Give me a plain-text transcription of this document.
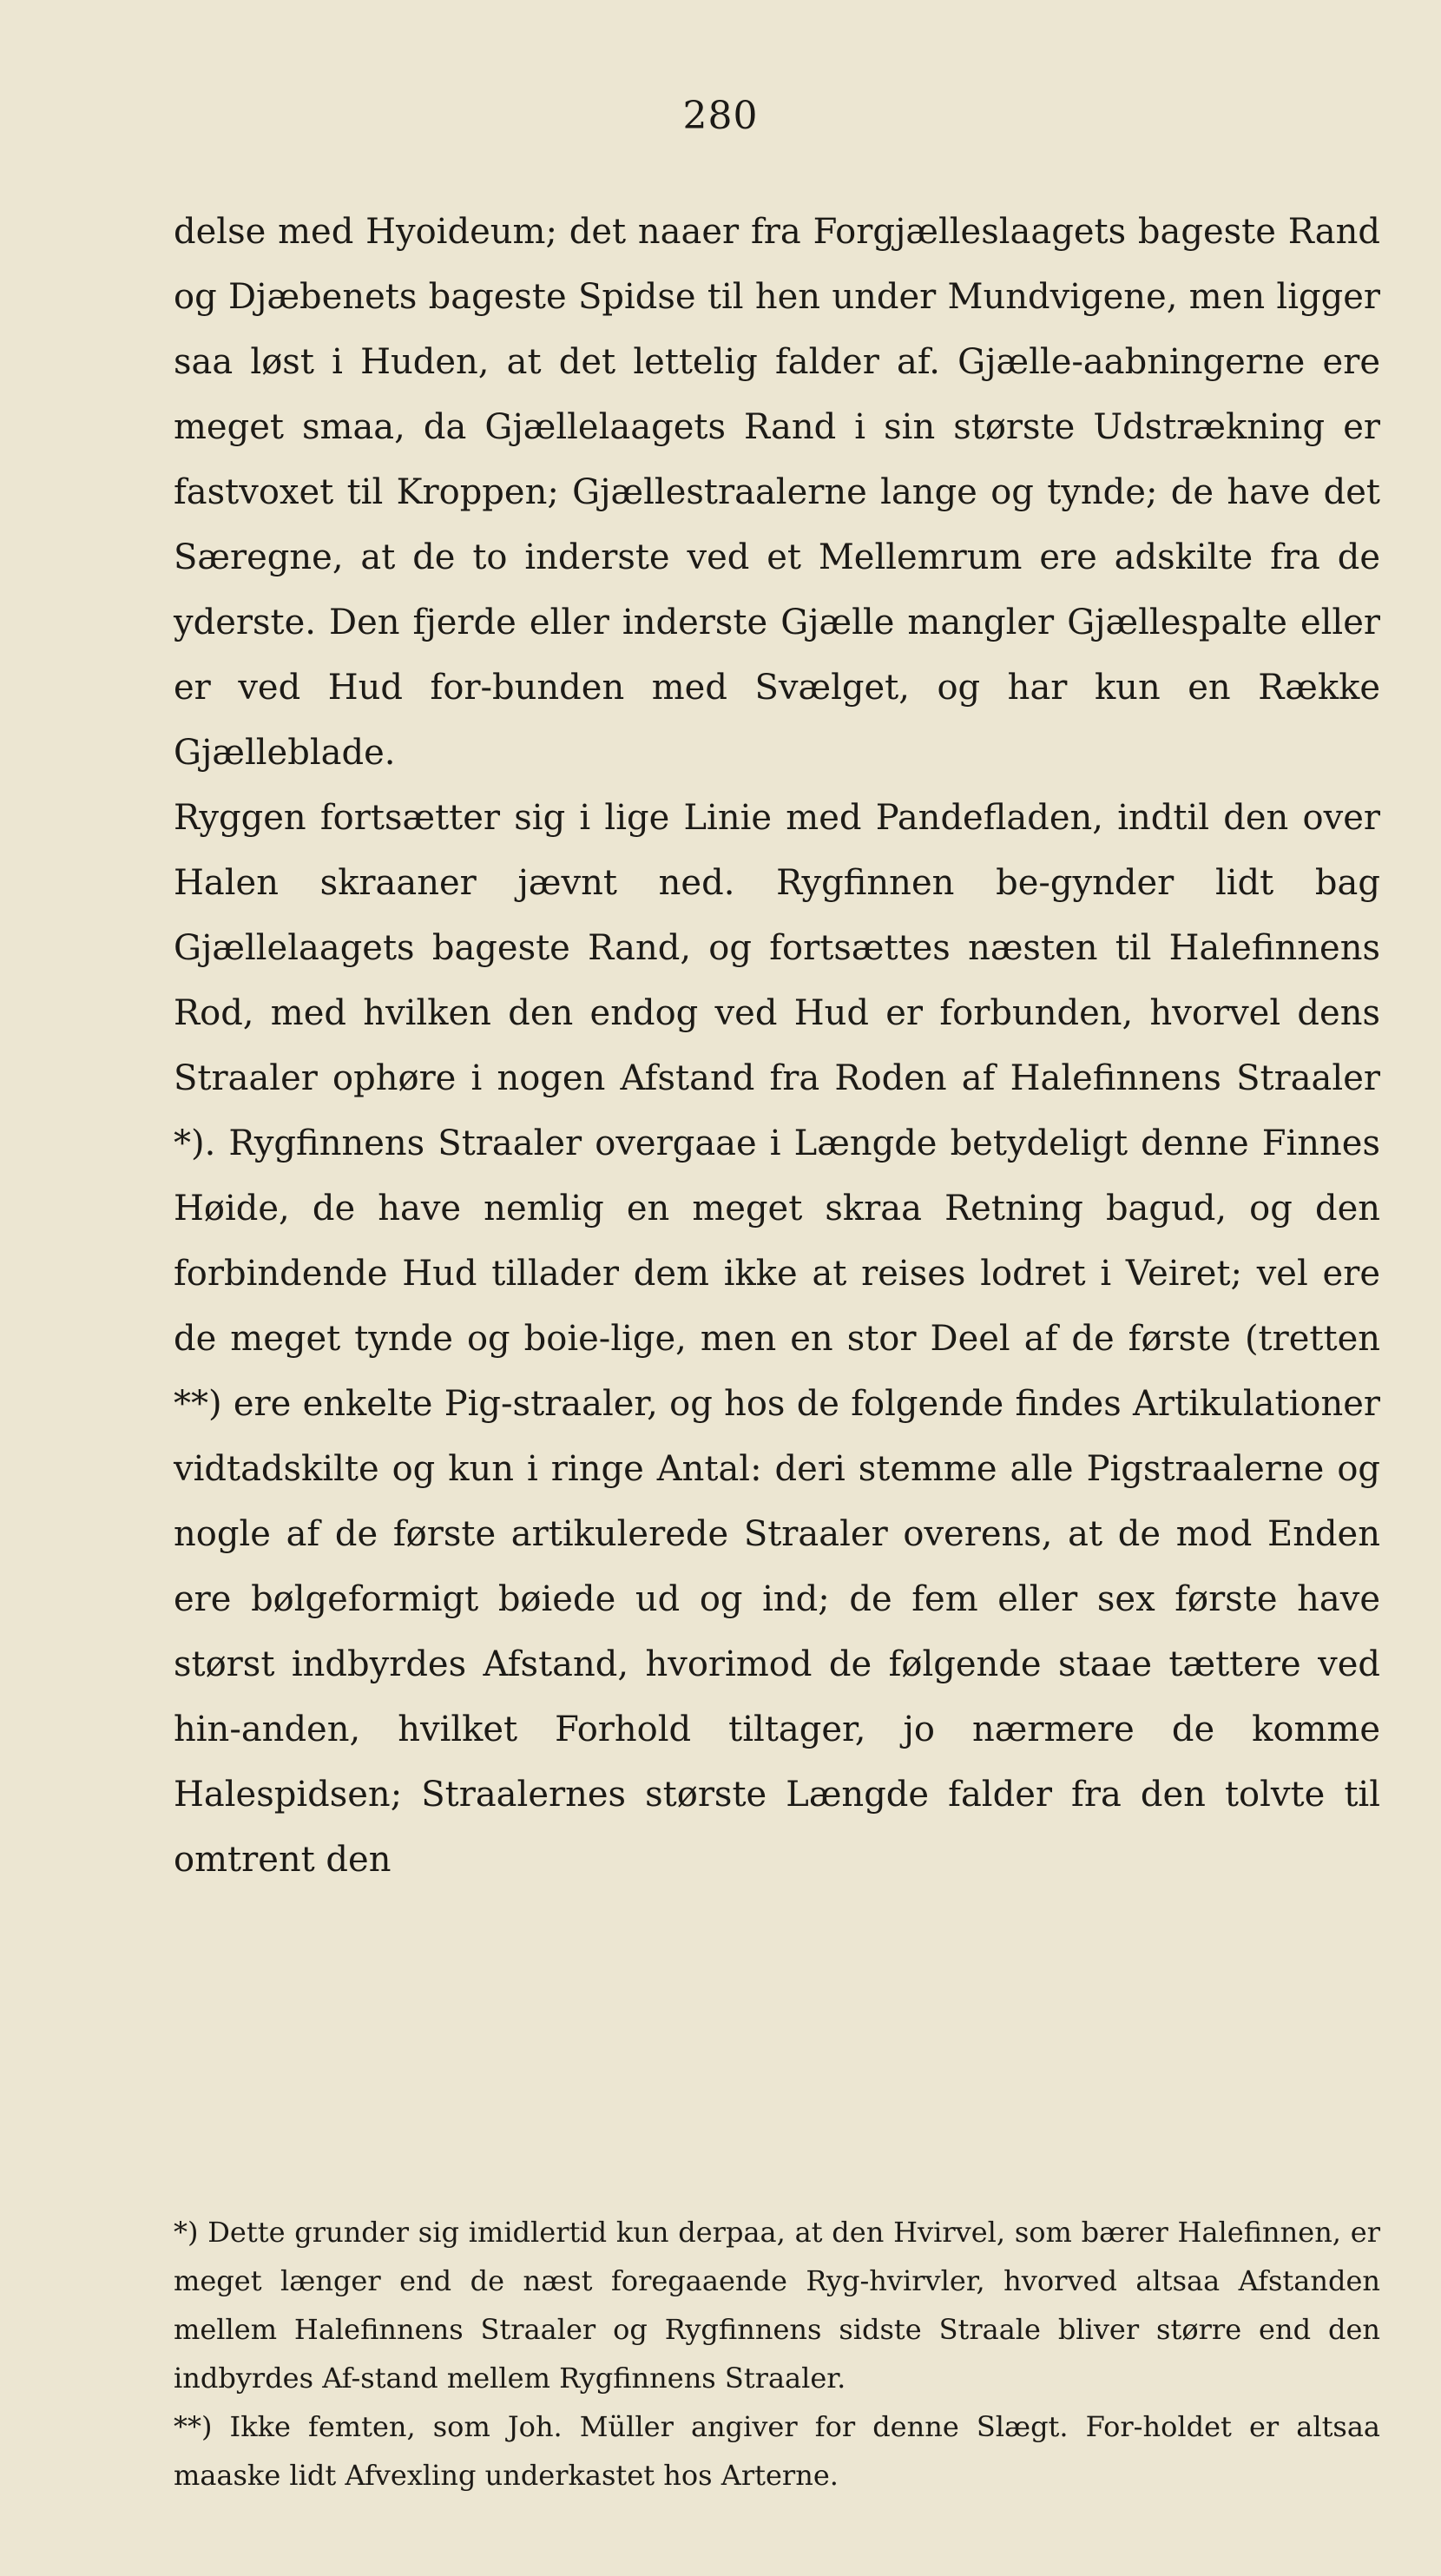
280

delse med Hyoideum; det naaer fra Forgjælleslaagets bageste Rand og Djæbenets bageste Spidse til hen under Mundvigene, men ligger saa løst i Huden, at det lettelig falder af. Gjælle-aabningerne ere meget smaa, da Gjællelaagets Rand i sin største Udstrækning er fastvoxet til Kroppen; Gjællestraalerne lange og tynde; de have det Særegne, at de to inderste ved et Mellemrum ere adskilte fra de yderste. Den fjerde eller inderste Gjælle mangler Gjællespalte eller er ved Hud for-bunden med Svælget, og har kun en Række Gjælleblade.

Ryggen fortsætter sig i lige Linie med Pandefladen, indtil den over Halen skraaner jævnt ned. Rygfinnen be-gynder lidt bag Gjællelaagets bageste Rand, og fortsættes næsten til Halefinnens Rod, med hvilken den endog ved Hud er forbunden, hvorvel dens Straaler ophøre i nogen Afstand fra Roden af Halefinnens Straaler *). Rygfinnens Straaler overgaae i Længde betydeligt denne Finnes Høide, de have nemlig en meget skraa Retning bagud, og den forbindende Hud tillader dem ikke at reises lodret i Veiret; vel ere de meget tynde og boie-lige, men en stor Deel af de første (tretten **) ere enkelte Pig-straaler, og hos de folgende findes Artikulationer vidtadskilte og kun i ringe Antal: deri stemme alle Pigstraalerne og nogle af de første artikulerede Straaler overens, at de mod Enden ere bølgeformigt bøiede ud og ind; de fem eller sex første have størst indbyrdes Afstand, hvorimod de følgende staae tættere ved hin-anden, hvilket Forhold tiltager, jo nærmere de komme Halespidsen; Straalernes største Længde falder fra den tolvte til omtrent den

*) Dette grunder sig imidlertid kun derpaa, at den Hvirvel, som bærer Halefinnen, er meget længer end de næst foregaaende Ryg-hvirvler, hvorved altsaa Afstanden mellem Halefinnens Straaler og Rygfinnens sidste Straale bliver større end den indbyrdes Af-stand mellem Rygfinnens Straaler.

**) Ikke femten, som Joh. Müller angiver for denne Slægt. For-holdet er altsaa maaske lidt Afvexling underkastet hos Arterne.
